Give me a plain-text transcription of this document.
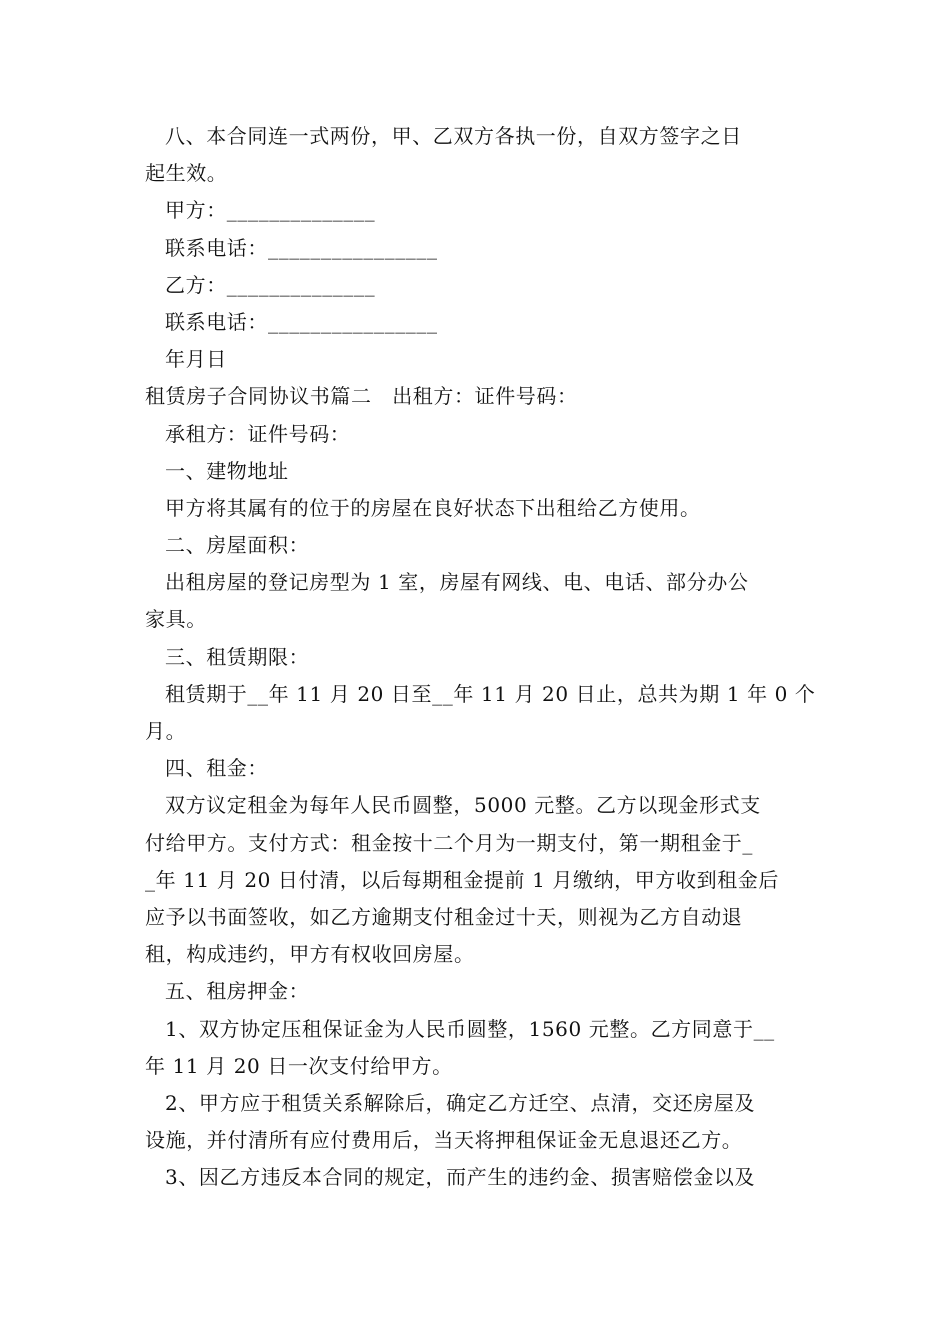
八、本合同连一式两份，甲、乙双方各执一份，自双方签字之日
起生效。
甲方：______________
联系电话：________________
乙方：______________
联系电话：________________
年月日
租赁房子合同协议书篇二　出租方：证件号码：
承租方：证件号码：
一、建物地址
甲方将其属有的位于的房屋在良好状态下出租给乙方使用。
二、房屋面积：
出租房屋的登记房型为 1 室，房屋有网线、电、电话、部分办公
家具。
三、租赁期限：
租赁期于__年 11 月 20 日至__年 11 月 20 日止，总共为期 1 年 0 个
月。
四、租金：
双方议定租金为每年人民币圆整，5000 元整。乙方以现金形式支
付给甲方。支付方式：租金按十二个月为一期支付，第一期租金于_
_年 11 月 20 日付清，以后每期租金提前 1 月缴纳，甲方收到租金后
应予以书面签收，如乙方逾期支付租金过十天，则视为乙方自动退
租，构成违约，甲方有权收回房屋。
五、租房押金：
1、双方协定压租保证金为人民币圆整，1560 元整。乙方同意于__
年 11 月 20 日一次支付给甲方。
2、甲方应于租赁关系解除后，确定乙方迁空、点清，交还房屋及
设施，并付清所有应付费用后，当天将押租保证金无息退还乙方。
3、因乙方违反本合同的规定，而产生的违约金、损害赔偿金以及
